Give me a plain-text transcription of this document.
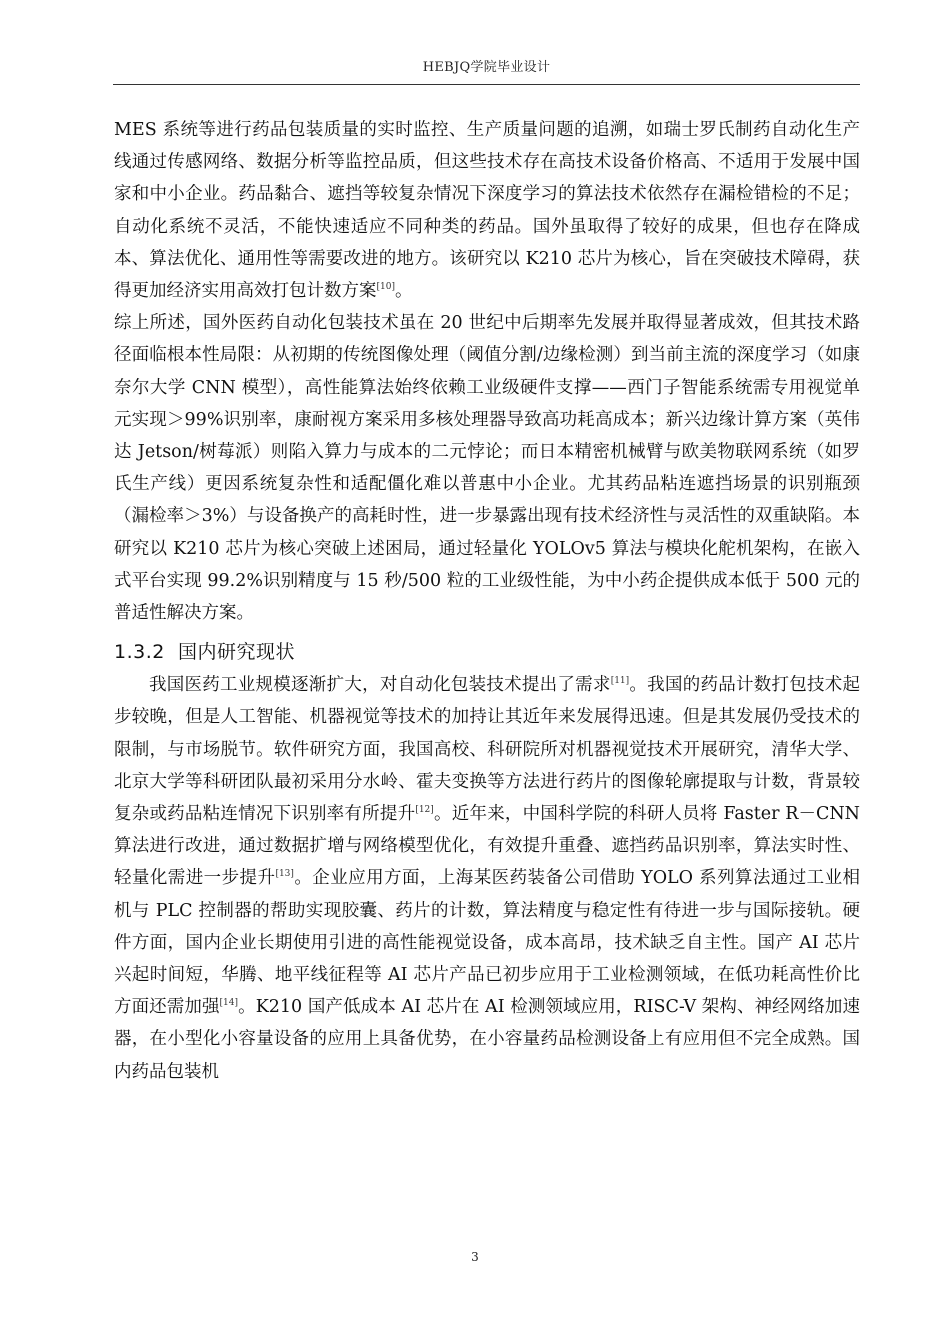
HEBJQ学院毕业设计

MES 系统等进行药品包装质量的实时监控、生产质量问题的追溯，如瑞士罗氏制药自动化生产线通过传感网络、数据分析等监控品质，但这些技术存在高技术设备价格高、不适用于发展中国家和中小企业。药品黏合、遮挡等较复杂情况下深度学习的算法技术依然存在漏检错检的不足；自动化系统不灵活，不能快速适应不同种类的药品。国外虽取得了较好的成果，但也存在降成本、算法优化、通用性等需要改进的地方。该研究以 K210 芯片为核心，旨在突破技术障碍，获得更加经济实用高效打包计数方案[10]。

综上所述，国外医药自动化包装技术虽在 20 世纪中后期率先发展并取得显著成效，但其技术路径面临根本性局限：从初期的传统图像处理（阈值分割/边缘检测）到当前主流的深度学习（如康奈尔大学 CNN 模型），高性能算法始终依赖工业级硬件支撑——西门子智能系统需专用视觉单元实现＞99%识别率，康耐视方案采用多核处理器导致高功耗高成本；新兴边缘计算方案（英伟达 Jetson/树莓派）则陷入算力与成本的二元悖论；而日本精密机械臂与欧美物联网系统（如罗氏生产线）更因系统复杂性和适配僵化难以普惠中小企业。尤其药品粘连遮挡场景的识别瓶颈（漏检率＞3%）与设备换产的高耗时性，进一步暴露出现有技术经济性与灵活性的双重缺陷。本研究以 K210 芯片为核心突破上述困局，通过轻量化 YOLOv5 算法与模块化舵机架构，在嵌入式平台实现 99.2%识别精度与 15 秒/500 粒的工业级性能，为中小药企提供成本低于 500 元的普适性解决方案。

1.3.2 国内研究现状

我国医药工业规模逐渐扩大，对自动化包装技术提出了需求[11]。我国的药品计数打包技术起步较晚，但是人工智能、机器视觉等技术的加持让其近年来发展得迅速。但是其发展仍受技术的限制，与市场脱节。软件研究方面，我国高校、科研院所对机器视觉技术开展研究，清华大学、北京大学等科研团队最初采用分水岭、霍夫变换等方法进行药片的图像轮廓提取与计数，背景较复杂或药品粘连情况下识别率有所提升[12]。近年来，中国科学院的科研人员将 Faster R－CNN 算法进行改进，通过数据扩增与网络模型优化，有效提升重叠、遮挡药品识别率，算法实时性、轻量化需进一步提升[13]。企业应用方面，上海某医药装备公司借助 YOLO 系列算法通过工业相机与 PLC 控制器的帮助实现胶囊、药片的计数，算法精度与稳定性有待进一步与国际接轨。硬件方面，国内企业长期使用引进的高性能视觉设备，成本高昂，技术缺乏自主性。国产 AI 芯片兴起时间短，华腾、地平线征程等 AI 芯片产品已初步应用于工业检测领域，在低功耗高性价比方面还需加强[14]。K210 国产低成本 AI 芯片在 AI 检测领域应用，RISC-V 架构、神经网络加速器，在小型化小容量设备的应用上具备优势，在小容量药品检测设备上有应用但不完全成熟。国内药品包装机

3
